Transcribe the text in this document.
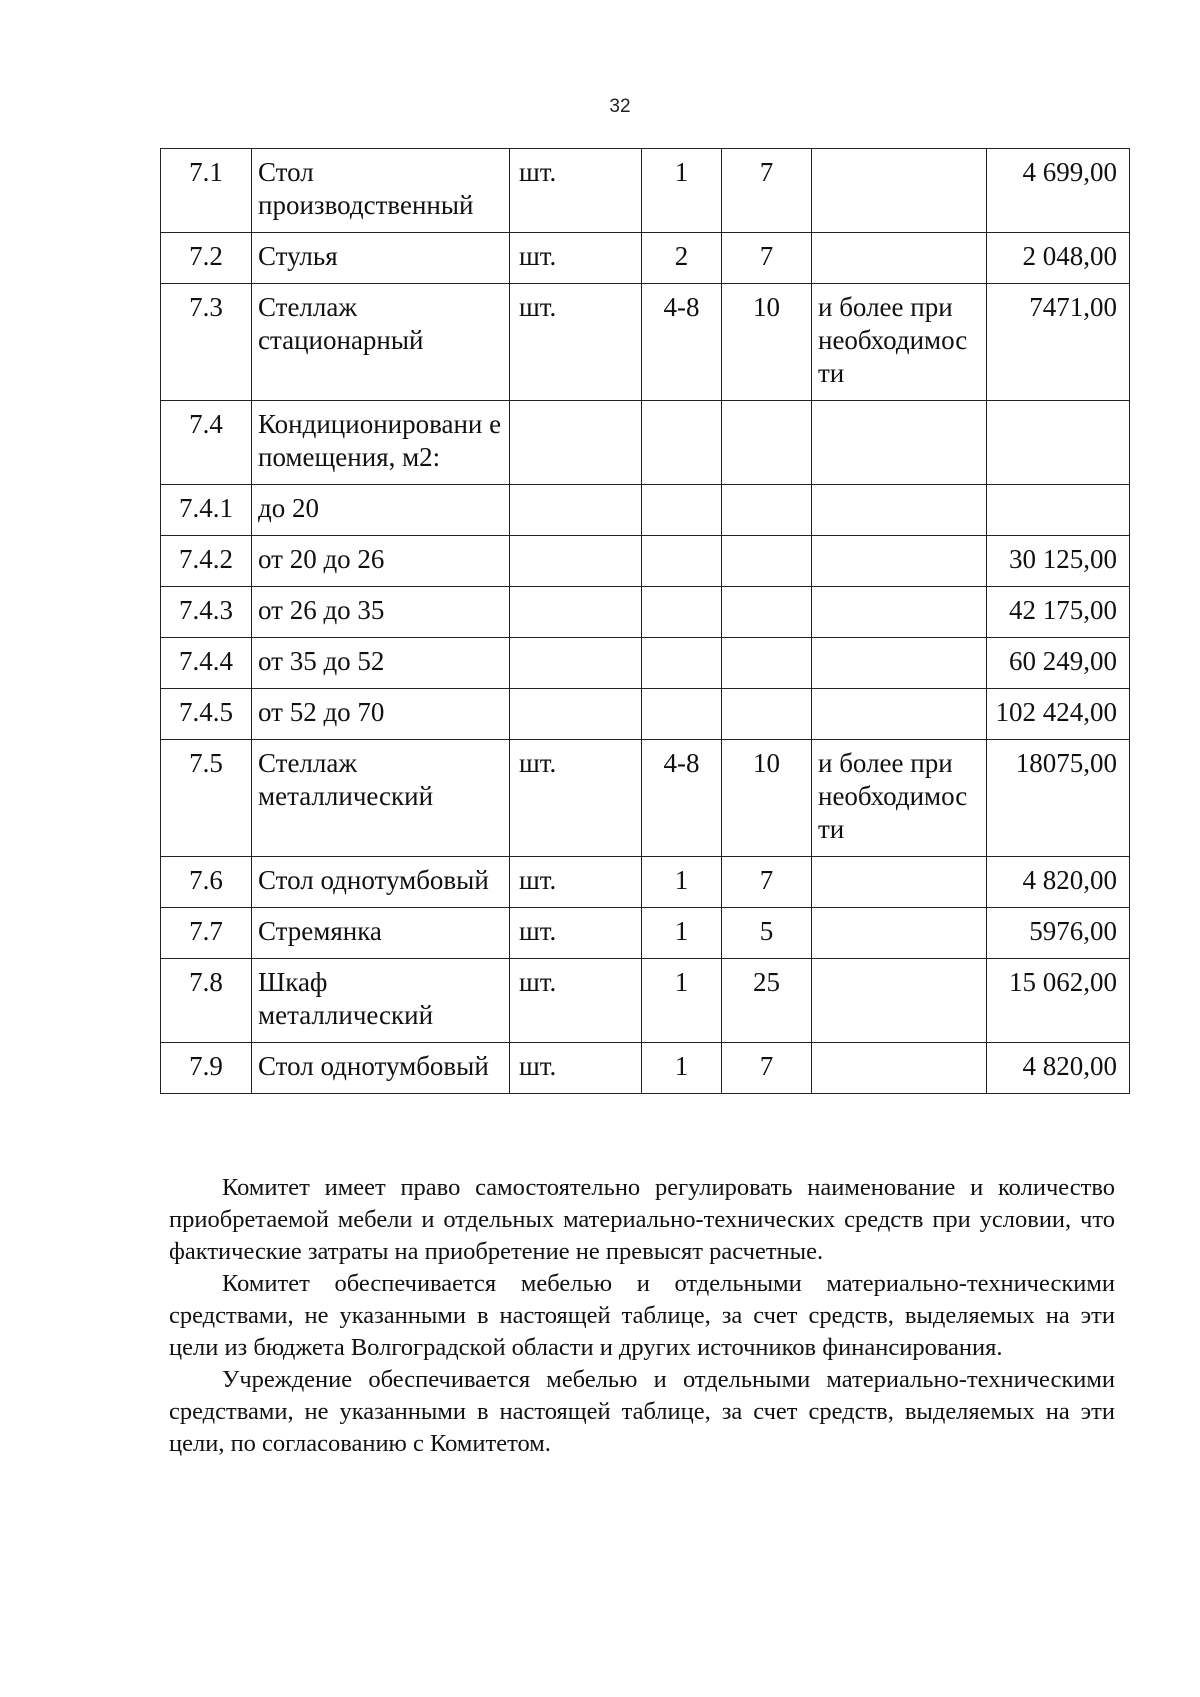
32
7.1	Стол производственный	шт.	1	7		4 699,00
7.2	Стулья	шт.	2	7		2 048,00
7.3	Стеллаж стационарный	шт.	4-8	10	и более при необходимос ти	7471,00
7.4	Кондиционировани е помещения, м2:					
7.4.1	до 20					
7.4.2	от 20 до 26					30 125,00
7.4.3	от 26 до 35					42 175,00
7.4.4	от 35 до 52					60 249,00
7.4.5	от 52 до 70					102 424,00
7.5	Стеллаж металлический	шт.	4-8	10	и более при необходимос ти	18075,00
7.6	Стол однотумбовый	шт.	1	7		4 820,00
7.7	Стремянка	шт.	1	5		5976,00
7.8	Шкаф металлический	шт.	1	25		15 062,00
7.9	Стол однотумбовый	шт.	1	7		4 820,00

Комитет имеет право самостоятельно регулировать наименование и количество приобретаемой мебели и отдельных материально-технических средств при условии, что фактические затраты на приобретение не превысят расчетные.

Комитет обеспечивается мебелью и отдельными материально-техническими средствами, не указанными в настоящей таблице, за счет средств, выделяемых на эти цели из бюджета Волгоградской области и других источников финансирования.

Учреждение обеспечивается мебелью и отдельными материально-техническими средствами, не указанными в настоящей таблице, за счет средств, выделяемых на эти цели, по согласованию с Комитетом.
